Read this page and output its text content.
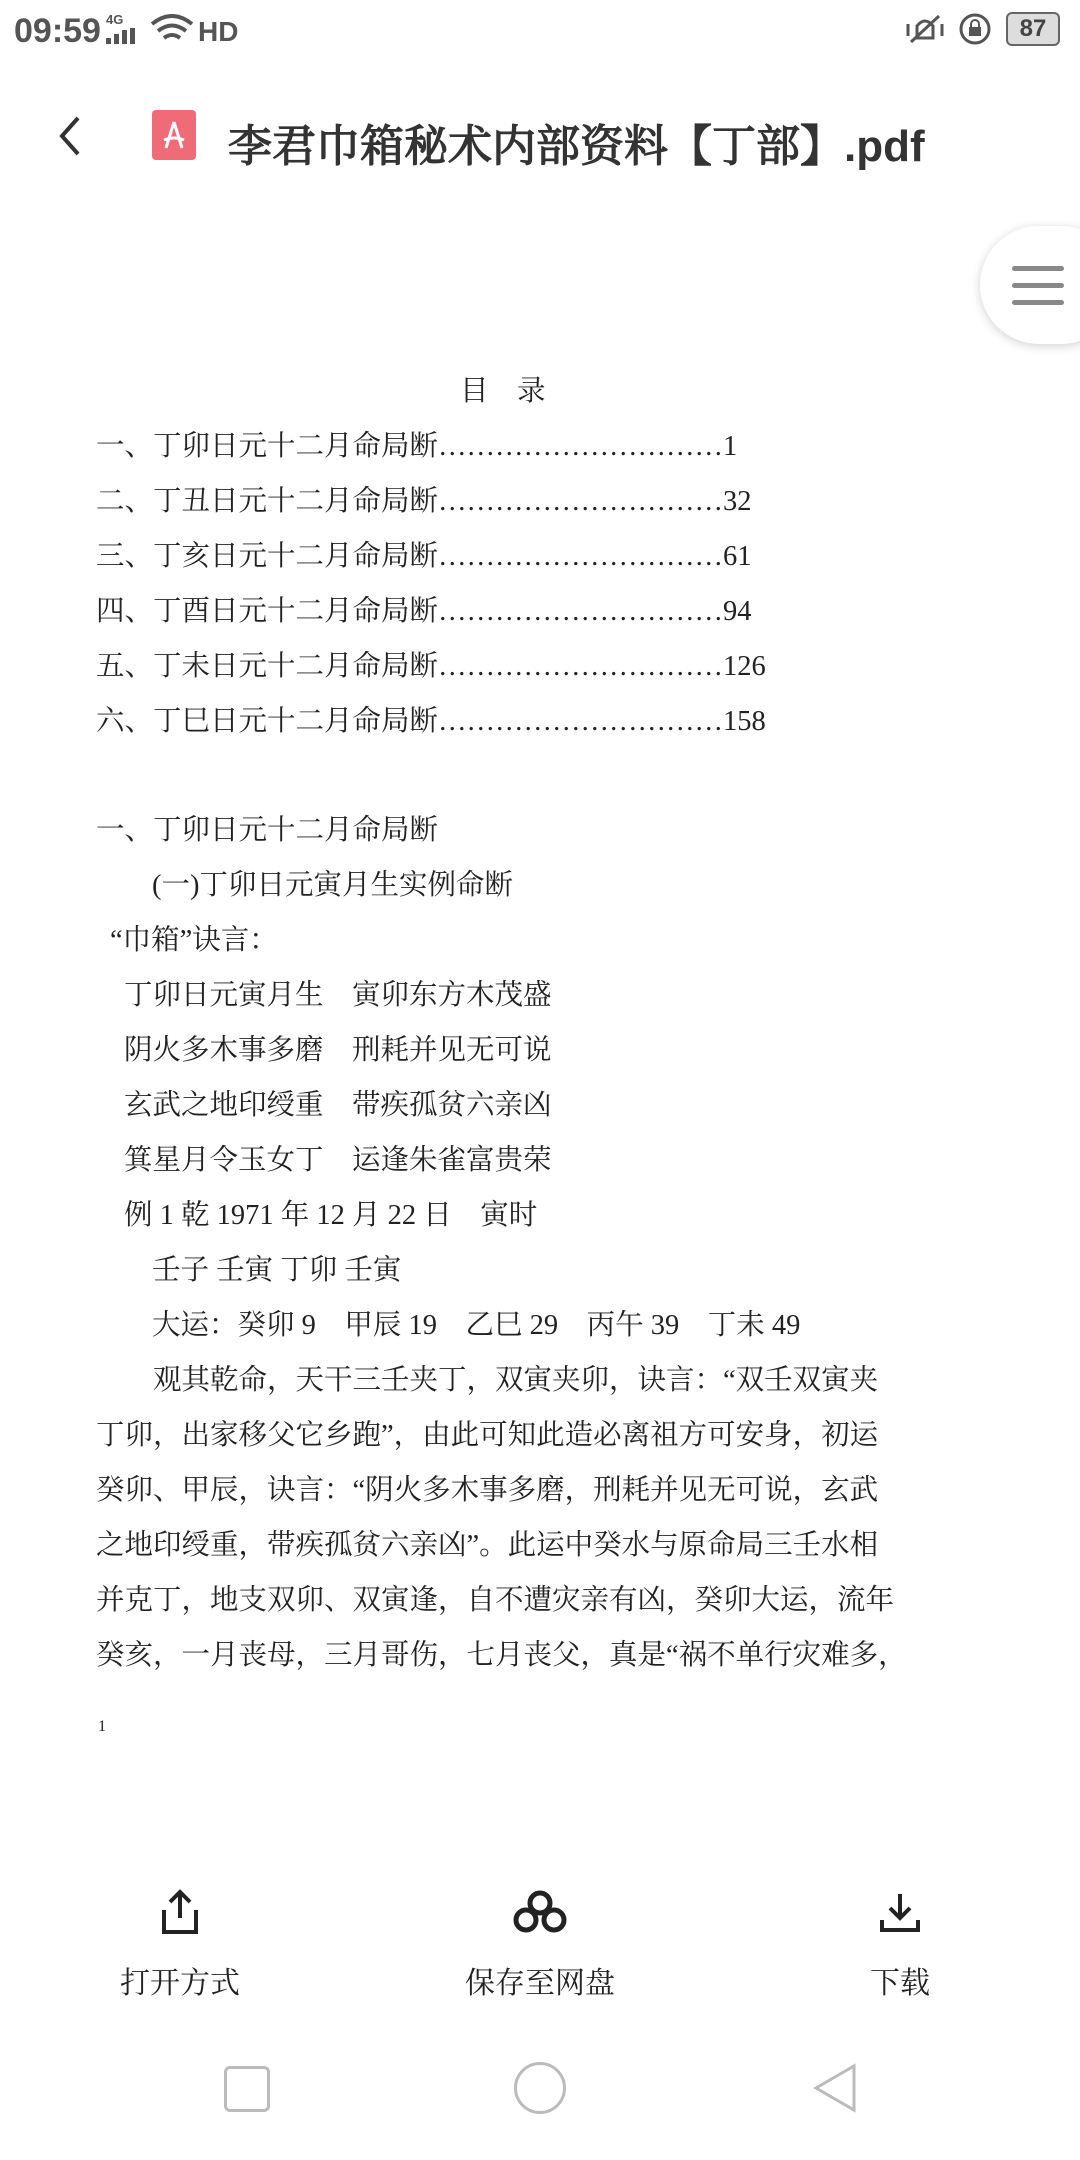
09:59 4G	HD	87
李君巾箱秘术内部资料【丁部】.pdf
目　录
一、丁卯日元十二月命局断…………………………1
二、丁丑日元十二月命局断…………………………32
三、丁亥日元十二月命局断…………………………61
四、丁酉日元十二月命局断…………………………94
五、丁未日元十二月命局断…………………………126
六、丁巳日元十二月命局断…………………………158
一、丁卯日元十二月命局断
(一)丁卯日元寅月生实例命断
“巾箱”诀言：
丁卯日元寅月生　寅卯东方木茂盛
阴火多木事多磨　刑耗并见无可说
玄武之地印绶重　带疾孤贫六亲凶
箕星月令玉女丁　运逢朱雀富贵荣
例 1 乾 1971 年 12 月 22 日　寅时
壬子 壬寅 丁卯 壬寅
大运：癸卯 9　甲辰 19　乙巳 29　丙午 39　丁未 49
　　观其乾命，天干三壬夹丁，双寅夹卯，诀言：“双壬双寅夹
丁卯，出家移父它乡跑”，由此可知此造必离祖方可安身，初运
癸卯、甲辰，诀言：“阴火多木事多磨，刑耗并见无可说，玄武
之地印绶重，带疾孤贫六亲凶”。此运中癸水与原命局三壬水相
并克丁，地支双卯、双寅逢，自不遭灾亲有凶，癸卯大运，流年
癸亥，一月丧母，三月哥伤，七月丧父，真是“祸不单行灾难多，
1
打开方式	保存至网盘	下载
